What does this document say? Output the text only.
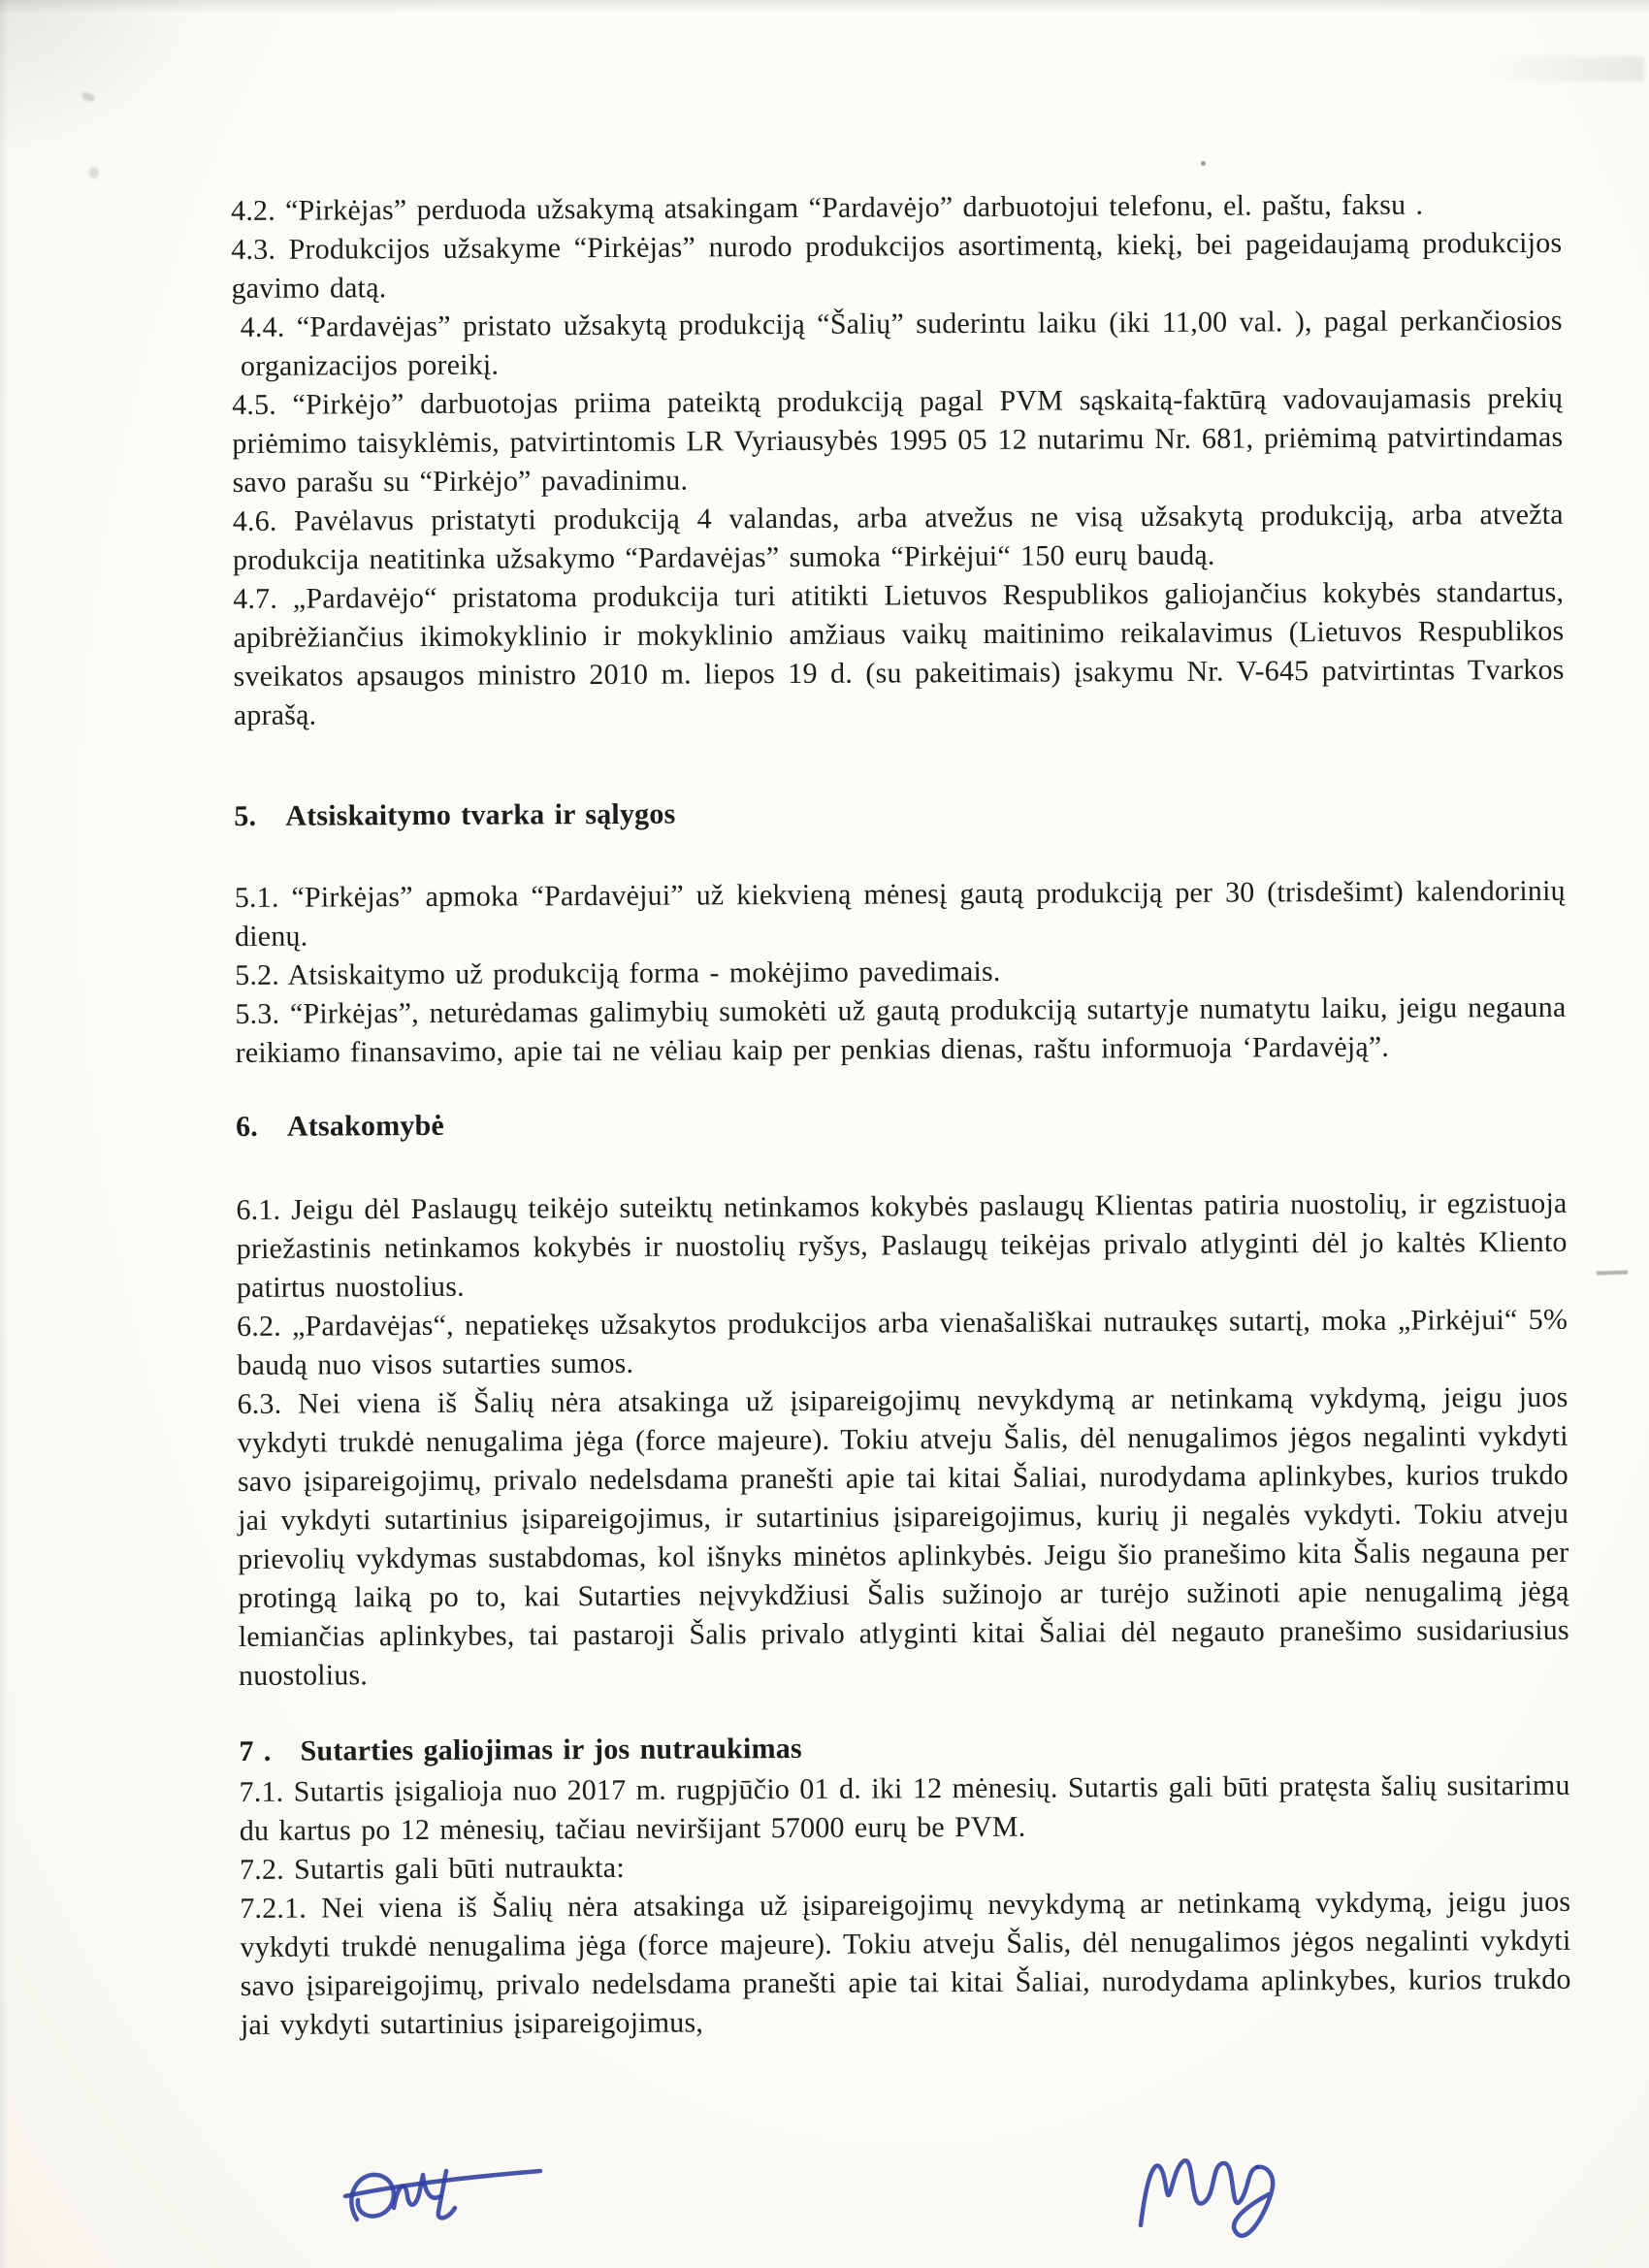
4.2. “Pirkėjas” perduoda užsakymą atsakingam “Pardavėjo” darbuotojui telefonu, el. paštu, faksu .

4.3. Produkcijos užsakyme “Pirkėjas” nurodo produkcijos asortimentą, kiekį, bei pageidaujamą produkcijos gavimo datą.

4.4. “Pardavėjas” pristato užsakytą produkciją “Šalių” suderintu laiku (iki 11,00 val. ), pagal perkančiosios organizacijos poreikį.

4.5. “Pirkėjo” darbuotojas priima pateiktą produkciją pagal PVM sąskaitą-faktūrą vadovaujamasis prekių priėmimo taisyklėmis, patvirtintomis LR Vyriausybės 1995 05 12 nutarimu Nr. 681, priėmimą patvirtindamas savo parašu su “Pirkėjo” pavadinimu.

4.6. Pavėlavus pristatyti produkciją 4 valandas, arba atvežus ne visą užsakytą produkciją, arba atvežta produkcija neatitinka užsakymo “Pardavėjas” sumoka “Pirkėjui“ 150 eurų baudą.

4.7. „Pardavėjo“ pristatoma produkcija turi atitikti Lietuvos Respublikos galiojančius kokybės standartus, apibrėžiančius ikimokyklinio ir mokyklinio amžiaus vaikų maitinimo reikalavimus (Lietuvos Respublikos sveikatos apsaugos ministro 2010 m. liepos 19 d. (su pakeitimais) įsakymu Nr. V-645 patvirtintas Tvarkos aprašą.

5. Atsiskaitymo tvarka ir sąlygos

5.1. “Pirkėjas” apmoka “Pardavėjui” už kiekvieną mėnesį gautą produkciją per 30 (trisdešimt) kalendorinių dienų.

5.2. Atsiskaitymo už produkciją forma - mokėjimo pavedimais.

5.3. “Pirkėjas”, neturėdamas galimybių sumokėti už gautą produkciją sutartyje numatytu laiku, jeigu negauna reikiamo finansavimo, apie tai ne vėliau kaip per penkias dienas, raštu informuoja ‘Pardavėją”.

6. Atsakomybė

6.1. Jeigu dėl Paslaugų teikėjo suteiktų netinkamos kokybės paslaugų Klientas patiria nuostolių, ir egzistuoja priežastinis netinkamos kokybės ir nuostolių ryšys, Paslaugų teikėjas privalo atlyginti dėl jo kaltės Kliento patirtus nuostolius.

6.2. „Pardavėjas“, nepatiekęs užsakytos produkcijos arba vienašališkai nutraukęs sutartį, moka „Pirkėjui“ 5% baudą nuo visos sutarties sumos.

6.3. Nei viena iš Šalių nėra atsakinga už įsipareigojimų nevykdymą ar netinkamą vykdymą, jeigu juos vykdyti trukdė nenugalima jėga (force majeure). Tokiu atveju Šalis, dėl nenugalimos jėgos negalinti vykdyti savo įsipareigojimų, privalo nedelsdama pranešti apie tai kitai Šaliai, nurodydama aplinkybes, kurios trukdo jai vykdyti sutartinius įsipareigojimus, ir sutartinius įsipareigojimus, kurių ji negalės vykdyti. Tokiu atveju prievolių vykdymas sustabdomas, kol išnyks minėtos aplinkybės. Jeigu šio pranešimo kita Šalis negauna per protingą laiką po to, kai Sutarties neįvykdžiusi Šalis sužinojo ar turėjo sužinoti apie nenugalimą jėgą lemiančias aplinkybes, tai pastaroji Šalis privalo atlyginti kitai Šaliai dėl negauto pranešimo susidariusius nuostolius.

7 . Sutarties galiojimas ir jos nutraukimas

7.1. Sutartis įsigalioja nuo 2017 m. rugpjūčio 01 d. iki 12 mėnesių. Sutartis gali būti pratęsta šalių susitarimu du kartus po 12 mėnesių, tačiau neviršijant 57000 eurų be PVM.

7.2. Sutartis gali būti nutraukta:

7.2.1. Nei viena iš Šalių nėra atsakinga už įsipareigojimų nevykdymą ar netinkamą vykdymą, jeigu juos vykdyti trukdė nenugalima jėga (force majeure). Tokiu atveju Šalis, dėl nenugalimos jėgos negalinti vykdyti savo įsipareigojimų, privalo nedelsdama pranešti apie tai kitai Šaliai, nurodydama aplinkybes, kurios trukdo jai vykdyti sutartinius įsipareigojimus,
